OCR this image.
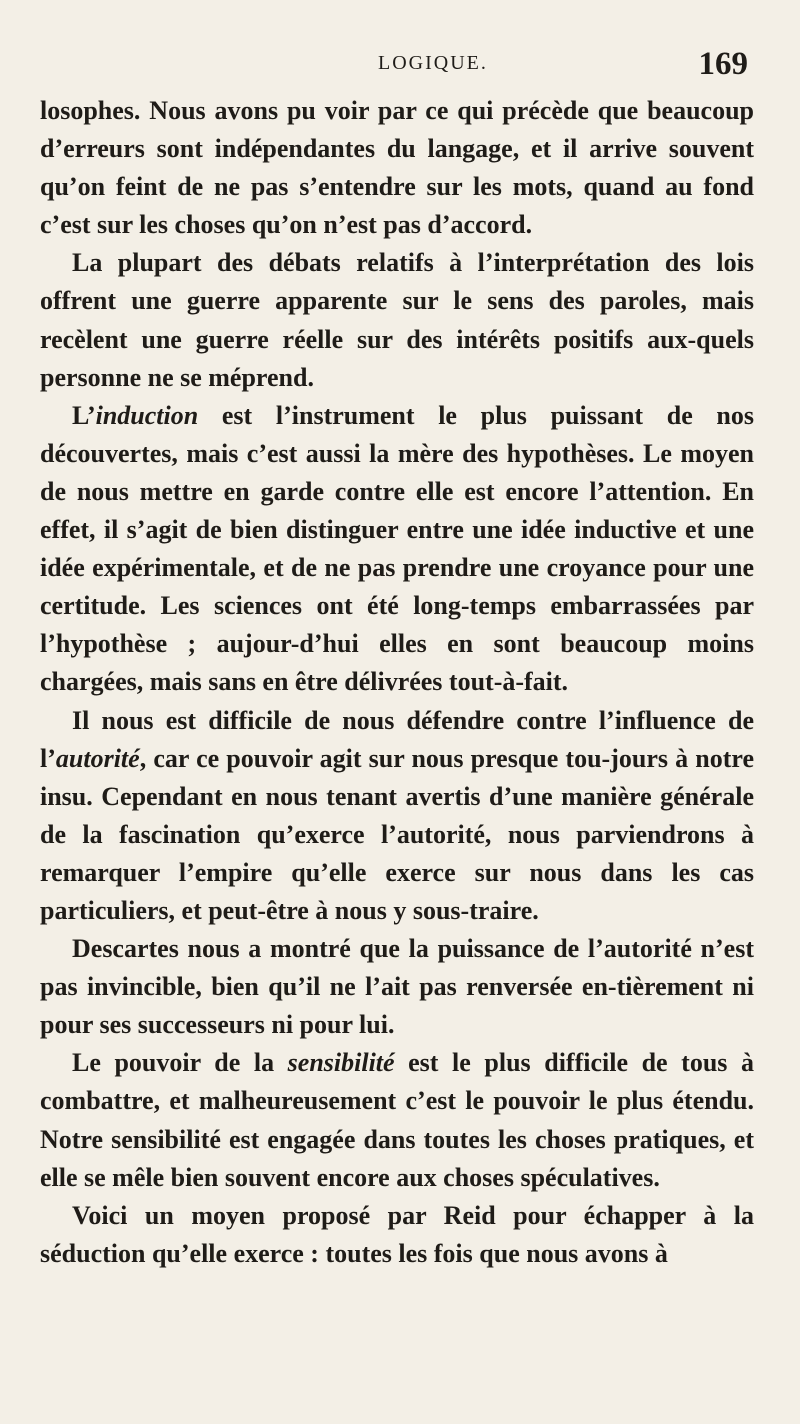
LOGIQUE.	169

losophes. Nous avons pu voir par ce qui précède que beaucoup d’erreurs sont indépendantes du langage, et il arrive souvent qu’on feint de ne pas s’entendre sur les mots, quand au fond c’est sur les choses qu’on n’est pas d’accord.

La plupart des débats relatifs à l’interprétation des lois offrent une guerre apparente sur le sens des paroles, mais recèlent une guerre réelle sur des intérêts positifs aux-quels personne ne se méprend.

L’induction est l’instrument le plus puissant de nos découvertes, mais c’est aussi la mère des hypothèses. Le moyen de nous mettre en garde contre elle est encore l’attention. En effet, il s’agit de bien distinguer entre une idée inductive et une idée expérimentale, et de ne pas prendre une croyance pour une certitude. Les sciences ont été long-temps embarrassées par l’hypothèse ; aujour-d’hui elles en sont beaucoup moins chargées, mais sans en être délivrées tout-à-fait.

Il nous est difficile de nous défendre contre l’influence de l’autorité, car ce pouvoir agit sur nous presque tou-jours à notre insu. Cependant en nous tenant avertis d’une manière générale de la fascination qu’exerce l’autorité, nous parviendrons à remarquer l’empire qu’elle exerce sur nous dans les cas particuliers, et peut-être à nous y sous-traire.

Descartes nous a montré que la puissance de l’autorité n’est pas invincible, bien qu’il ne l’ait pas renversée en-tièrement ni pour ses successeurs ni pour lui.

Le pouvoir de la sensibilité est le plus difficile de tous à combattre, et malheureusement c’est le pouvoir le plus étendu. Notre sensibilité est engagée dans toutes les choses pratiques, et elle se mêle bien souvent encore aux choses spéculatives.

Voici un moyen proposé par Reid pour échapper à la séduction qu’elle exerce : toutes les fois que nous avons à
